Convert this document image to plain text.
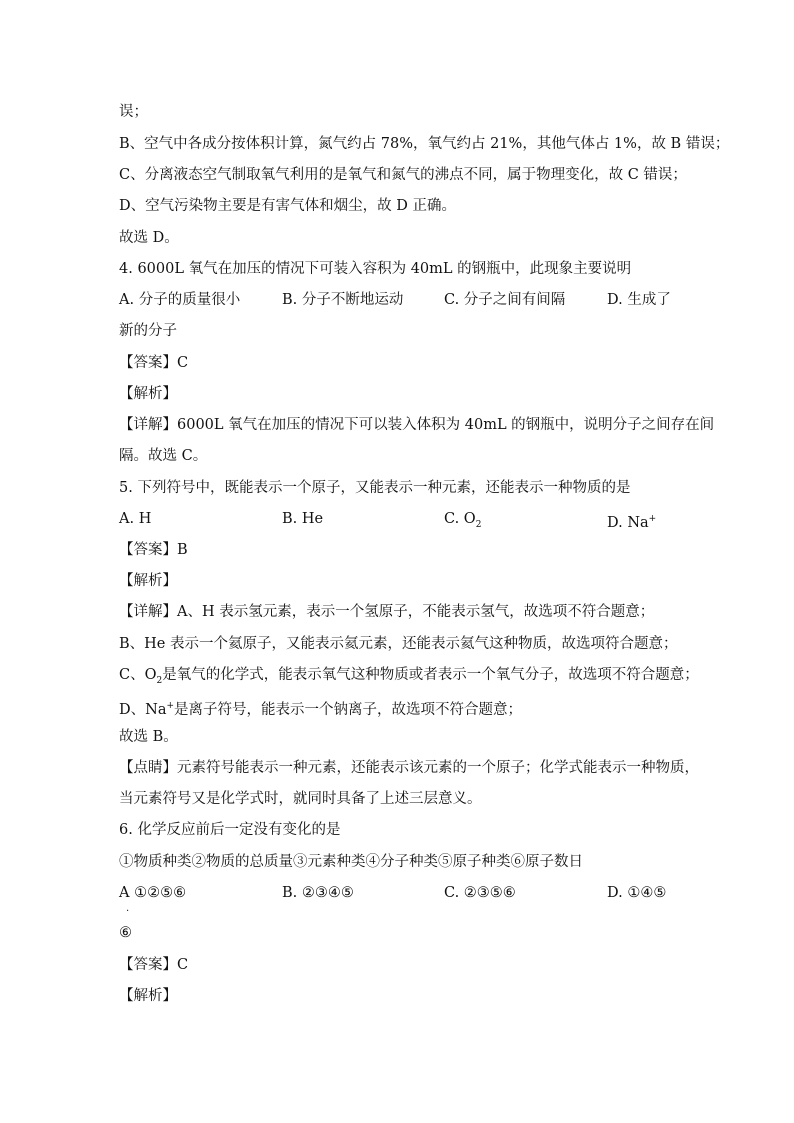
误；
B、空气中各成分按体积计算，氮气约占 78%，氧气约占 21%，其他气体占 1%，故 B 错误；
C、分离液态空气制取氧气利用的是氧气和氮气的沸点不同，属于物理变化，故 C 错误；
D、空气污染物主要是有害气体和烟尘，故 D 正确。
故选 D。
4. 6000L 氧气在加压的情况下可装入容积为 40mL 的钢瓶中，此现象主要说明
A. 分子的质量很小	B. 分子不断地运动	C. 分子之间有间隔	D. 生成了
新的分子
【答案】C
【解析】
【详解】6000L 氧气在加压的情况下可以装入体积为 40mL 的钢瓶中，说明分子之间存在间
隔。故选 C。
5. 下列符号中，既能表示一个原子，又能表示一种元素，还能表示一种物质的是
A. H	B. He	C. $O_2$	D. Na+
【答案】B
【解析】
【详解】A、H 表示氢元素，表示一个氢原子，不能表示氢气，故选项不符合题意；
B、He 表示一个氦原子，又能表示氦元素，还能表示氦气这种物质，故选项符合题意；
C、$O_2$是氧气的化学式，能表示氧气这种物质或者表示一个氧气分子，故选项不符合题意；
D、Na+是离子符号，能表示一个钠离子，故选项不符合题意；
故选 B。
【点睛】元素符号能表示一种元素，还能表示该元素的一个原子；化学式能表示一种物质，
当元素符号又是化学式时，就同时具备了上述三层意义。
6. 化学反应前后一定没有变化的是
①物质种类②物质的总质量③元素种类④分子种类⑤原子种类⑥原子数日
A ①②⑤⑥
.
B. ②③④⑤	C. ②③⑤⑥	D. ①④⑤
⑥
【答案】C
【解析】
